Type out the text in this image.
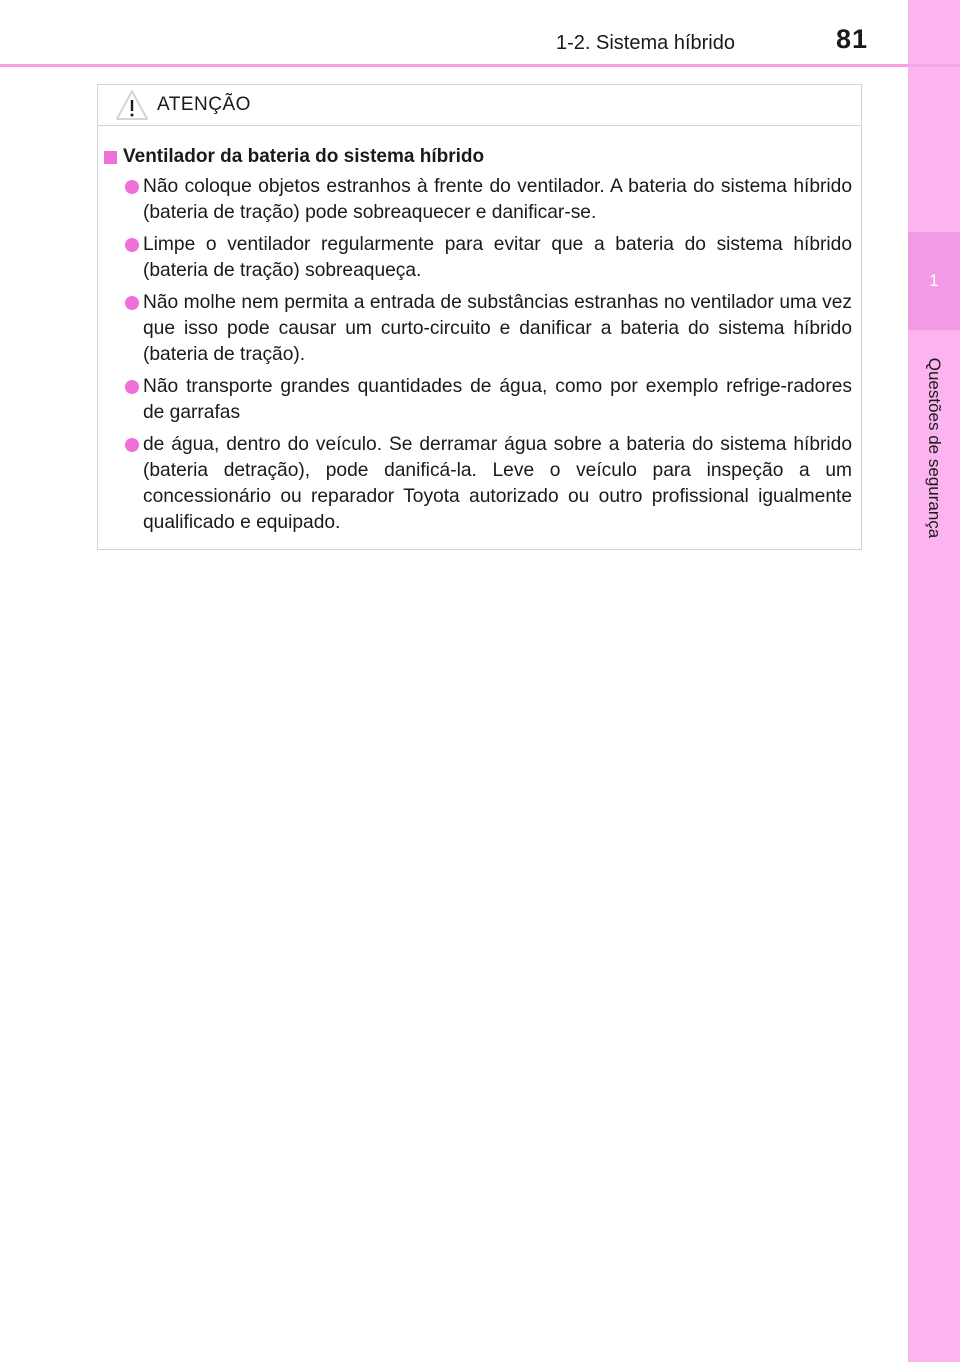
1-2. Sistema híbrido	81
1
Questões de segurança
ATENÇÃO
Ventilador da bateria do sistema híbrido
Não coloque objetos estranhos à frente do ventilador. A bateria do sistema híbrido (bateria de tração) pode sobreaquecer e danificar-se.
Limpe o ventilador regularmente para evitar que a bateria do sistema híbrido (bateria de tração) sobreaqueça.
Não molhe nem permita a entrada de substâncias estranhas no ventilador uma vez que isso pode causar um curto-circuito e danificar a bateria do sistema híbrido (bateria de tração).
Não transporte grandes quantidades de água, como por exemplo refrige-radores de garrafas
de água, dentro do veículo. Se derramar água sobre a bateria do sistema híbrido (bateria detração), pode danificá-la. Leve o veículo para inspeção a um concessionário ou reparador Toyota autorizado ou outro profissional igualmente qualificado e equipado.
